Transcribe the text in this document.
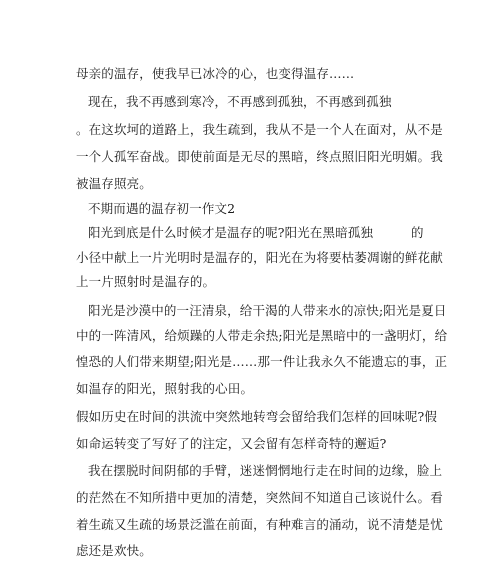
母亲的温存，使我早已冰冷的心，也变得温存……
现在，我不再感到寒冷，不再感到孤独，不再感到孤独
。在这坎坷的道路上，我生疏到，我从不是一个人在面对，从不是
一个人孤军奋战。即使前面是无尽的黑暗，终点照旧阳光明媚。我
被温存照亮。
不期而遇的温存初一作文2
阳光到底是什么时候才是温存的呢?阳光在黑暗孤独	的
小径中献上一片光明时是温存的，阳光在为将要枯萎凋谢的鲜花献
上一片照射时是温存的。
阳光是沙漠中的一汪清泉，给干渴的人带来水的凉快;阳光是夏日
中的一阵清风，给烦躁的人带走余热;阳光是黑暗中的一盏明灯，给
惶恐的人们带来期望;阳光是……那一件让我永久不能遗忘的事，正
如温存的阳光，照射我的心田。
假如历史在时间的洪流中突然地转弯会留给我们怎样的回味呢?假
如命运转变了写好了的注定，又会留有怎样奇特的邂逅?
我在摆脱时间阴郁的手臂，迷迷惘惘地行走在时间的边缘，脸上
的茫然在不知所措中更加的清楚，突然间不知道自己该说什么。看
着生疏又生疏的场景泛滥在前面，有种难言的涌动，说不清楚是忧
虑还是欢快。
